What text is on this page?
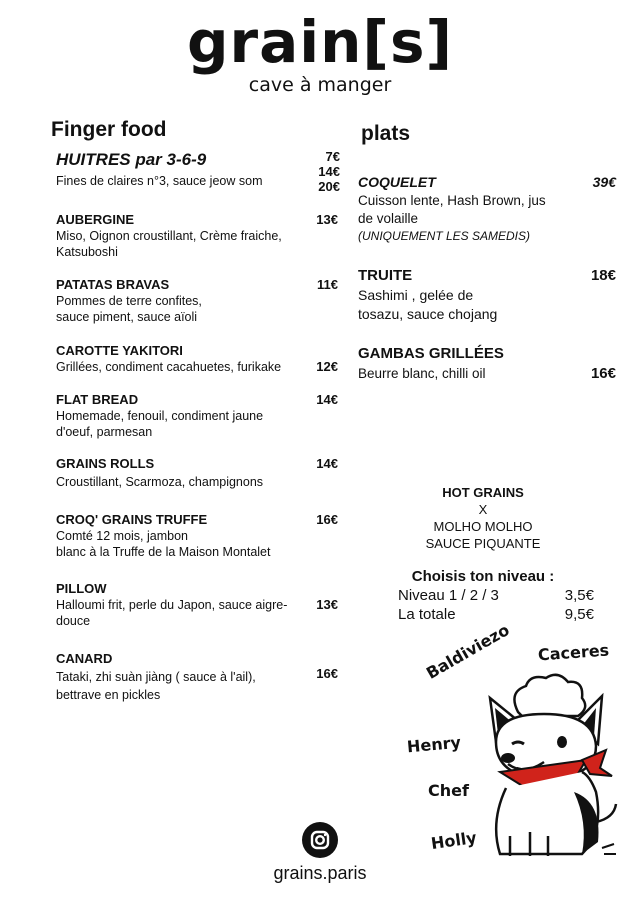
grain[s]
cave à manger
Finger food
HUITRES par 3-6-9
Fines de claires n°3, sauce jeow som
7€
14€
20€
AUBERGINE
Miso, Oignon croustillant, Crème fraiche,
Katsuboshi
13€
PATATAS BRAVAS
Pommes de terre confites,
sauce piment, sauce aïoli
11€
CAROTTE YAKITORI
Grillées, condiment cacahuetes, furikake	12€
FLAT BREAD
Homemade, fenouil, condiment jaune
d'oeuf, parmesan
14€
GRAINS ROLLS
Croustillant, Scarmoza, champignons
14€
CROQ' GRAINS TRUFFE
Comté 12 mois, jambon
blanc à la Truffe de la Maison Montalet
16€
PILLOW
Halloumi frit, perle du Japon, sauce aigre-
douce
13€
CANARD
Tataki, zhi suàn jiàng ( sauce à l'ail),
bettrave en pickles
16€
plats
COQUELET
Cuisson lente, Hash Brown, jus
de volaille
(UNIQUEMENT LES SAMEDIS)
39€
TRUITE
Sashimi , gelée de
tosazu, sauce chojang
18€
GAMBAS GRILLÉES
Beurre blanc, chilli oil	16€
HOT GRAINS
X
MOLHO MOLHO
SAUCE PIQUANTE
Choisis ton niveau :
Niveau 1 / 2 / 3	3,5€
La totale	9,5€
Baldiviezo Caceres
Henry
Chef
Holly
grains.paris
